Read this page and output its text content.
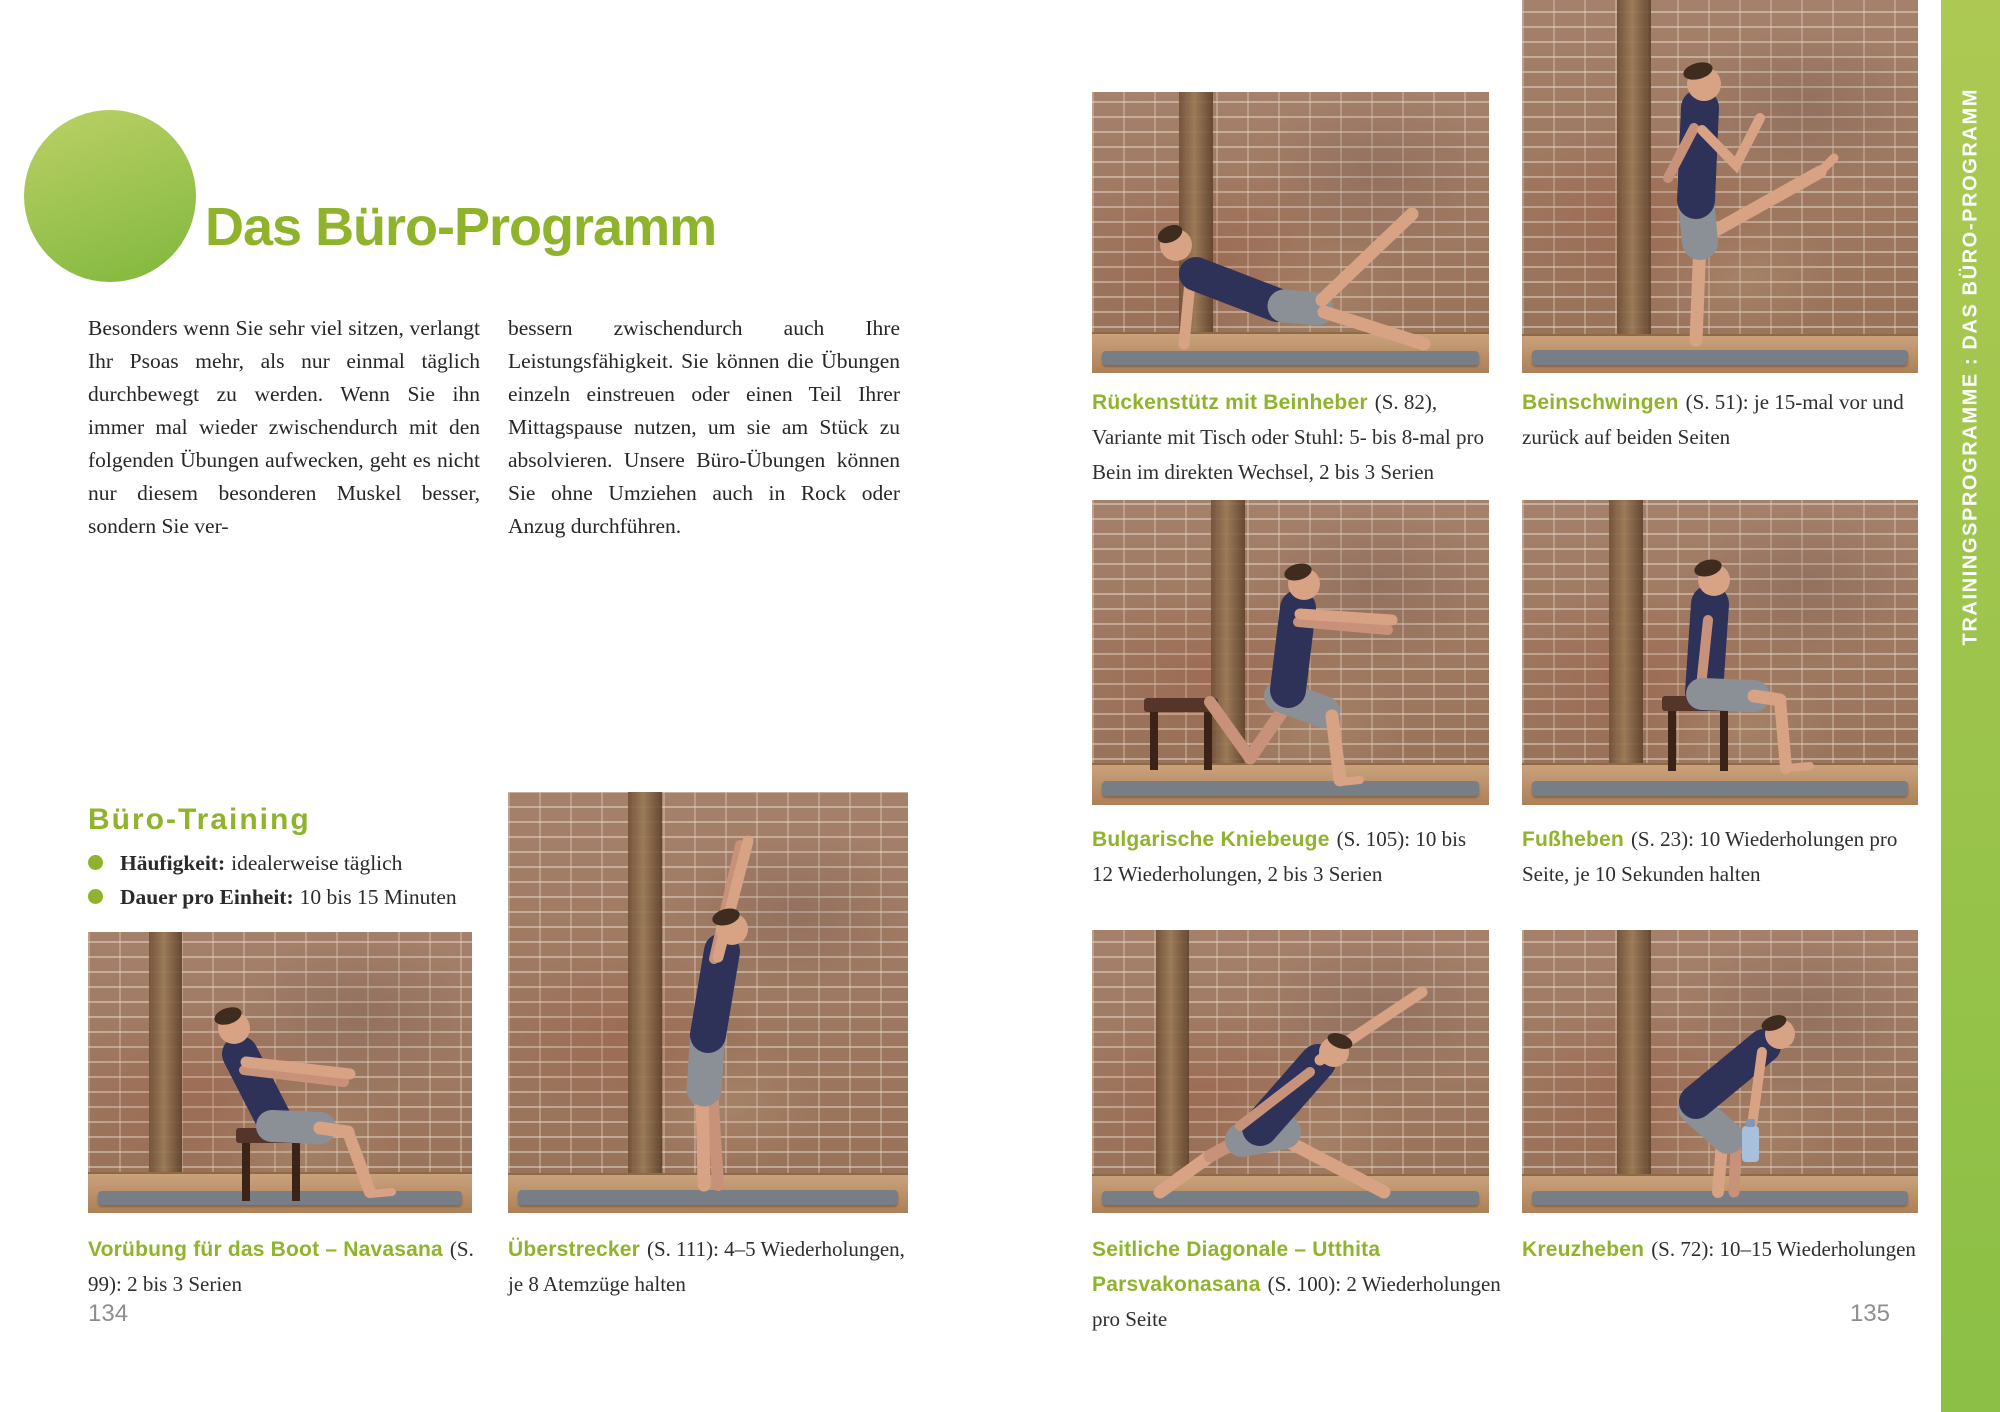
Das Büro-Programm
Besonders wenn Sie sehr viel sitzen, verlangt Ihr Psoas mehr, als nur einmal täglich durchbewegt zu werden. Wenn Sie ihn immer mal wieder zwischendurch mit den folgenden Übungen aufwecken, geht es nicht nur diesem besonderen Muskel besser, sondern Sie ver-
bessern zwischendurch auch Ihre Leistungsfähigkeit. Sie können die Übungen einzeln einstreuen oder einen Teil Ihrer Mittagspause nutzen, um sie am Stück zu absolvieren. Unsere Büro-Übungen können Sie ohne Umziehen auch in Rock oder Anzug durchführen.
Büro-Training
Häufigkeit: idealerweise täglich
Dauer pro Einheit: 10 bis 15 Minuten
Vorübung für das Boot – Navasana (S. 99): 2 bis 3 Serien
Überstrecker (S. 111): 4–5 Wiederholungen, je 8 Atemzüge halten
134
Rückenstütz mit Beinheber (S. 82), Variante mit Tisch oder Stuhl: 5- bis 8-mal pro Bein im direkten Wechsel, 2 bis 3 Serien
Beinschwingen (S. 51): je 15-mal vor und zurück auf beiden Seiten
Bulgarische Kniebeuge (S. 105): 10 bis 12 Wiederholungen, 2 bis 3 Serien
Fußheben (S. 23): 10 Wiederholungen pro Seite, je 10 Sekunden halten
Seitliche Diagonale – Utthita Parsvakonasana (S. 100): 2 Wiederholungen pro Seite
Kreuzheben (S. 72): 10–15 Wiederholungen
135
TRAININGSPROGRAMME : DAS BÜRO-PROGRAMM
